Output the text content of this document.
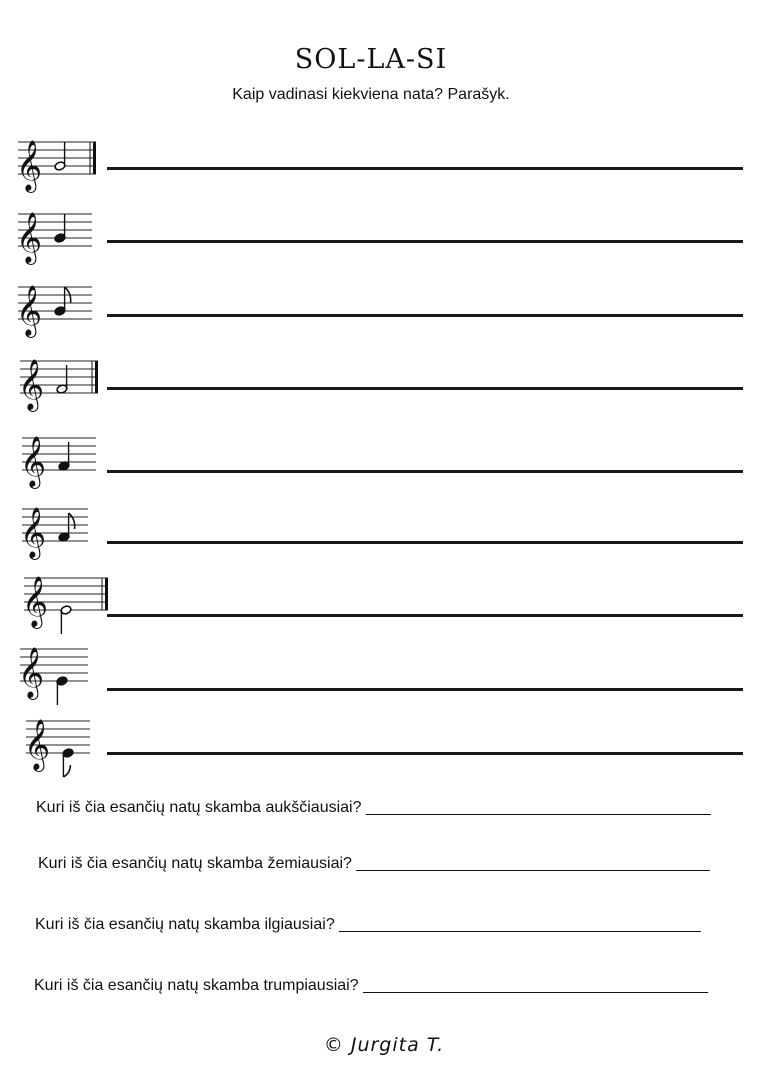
SOL-LA-SI
Kaip vadinasi kiekviena nata? Parašyk.
𝄞
𝄞
𝄞
𝄞
𝄞
𝄞
𝄞
𝄞
𝄞
Kuri iš čia esančių natų skamba aukščiausiai? _________________________________________
Kuri iš čia esančių natų skamba žemiausiai? __________________________________________
Kuri iš čia esančių natų skamba ilgiausiai? ___________________________________________
Kuri iš čia esančių natų skamba trumpiausiai? _________________________________________
© Jurgita T.
